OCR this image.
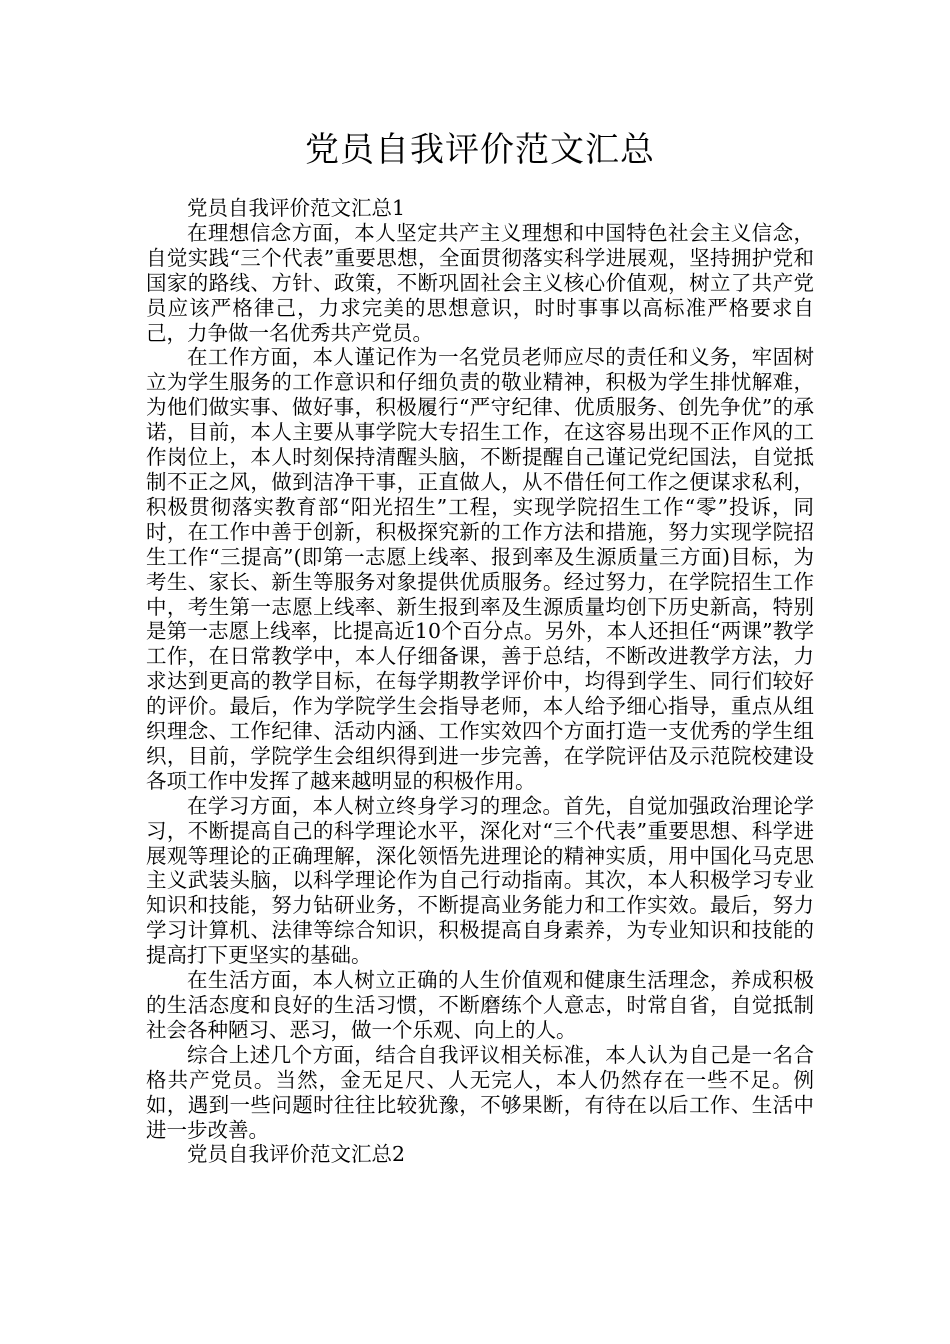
党员自我评价范文汇总

党员自我评价范文汇总1

在理想信念方面，本人坚定共产主义理想和中国特色社会主义信念，自觉实践“三个代表”重要思想，全面贯彻落实科学进展观，坚持拥护党和国家的路线、方针、政策，不断巩固社会主义核心价值观，树立了共产党员应该严格律己，力求完美的思想意识，时时事事以高标准严格要求自己，力争做一名优秀共产党员。

在工作方面，本人谨记作为一名党员老师应尽的责任和义务，牢固树立为学生服务的工作意识和仔细负责的敬业精神，积极为学生排忧解难，为他们做实事、做好事，积极履行“严守纪律、优质服务、创先争优”的承诺，目前，本人主要从事学院大专招生工作，在这容易出现不正作风的工作岗位上，本人时刻保持清醒头脑，不断提醒自己谨记党纪国法，自觉抵制不正之风，做到洁净干事，正直做人，从不借任何工作之便谋求私利，积极贯彻落实教育部“阳光招生”工程，实现学院招生工作“零”投诉，同时，在工作中善于创新，积极探究新的工作方法和措施，努力实现学院招生工作“三提高”(即第一志愿上线率、报到率及生源质量三方面)目标，为考生、家长、新生等服务对象提供优质服务。经过努力，在学院招生工作中，考生第一志愿上线率、新生报到率及生源质量均创下历史新高，特别是第一志愿上线率，比提高近10个百分点。另外，本人还担任“两课”教学工作，在日常教学中，本人仔细备课，善于总结，不断改进教学方法，力求达到更高的教学目标，在每学期教学评价中，均得到学生、同行们较好的评价。最后，作为学院学生会指导老师，本人给予细心指导，重点从组织理念、工作纪律、活动内涵、工作实效四个方面打造一支优秀的学生组织，目前，学院学生会组织得到进一步完善，在学院评估及示范院校建设各项工作中发挥了越来越明显的积极作用。

在学习方面，本人树立终身学习的理念。首先，自觉加强政治理论学习，不断提高自己的科学理论水平，深化对“三个代表”重要思想、科学进展观等理论的正确理解，深化领悟先进理论的精神实质，用中国化马克思主义武装头脑，以科学理论作为自己行动指南。其次，本人积极学习专业知识和技能，努力钻研业务，不断提高业务能力和工作实效。最后，努力学习计算机、法律等综合知识，积极提高自身素养，为专业知识和技能的提高打下更坚实的基础。

在生活方面，本人树立正确的人生价值观和健康生活理念，养成积极的生活态度和良好的生活习惯，不断磨练个人意志，时常自省，自觉抵制社会各种陋习、恶习，做一个乐观、向上的人。

综合上述几个方面，结合自我评议相关标准，本人认为自己是一名合格共产党员。当然，金无足尺、人无完人，本人仍然存在一些不足。例如，遇到一些问题时往往比较犹豫，不够果断，有待在以后工作、生活中进一步改善。

党员自我评价范文汇总2
